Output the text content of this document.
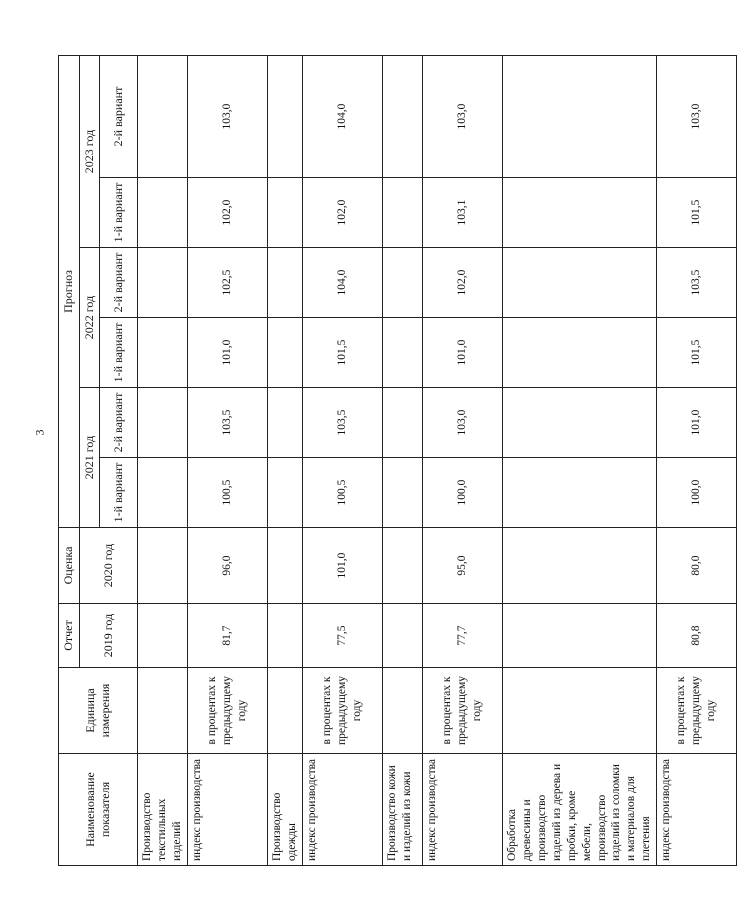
3
Наименование показателя	Единица измерения	Отчет	Оценка	Прогноз					
		2019 год	2020 год	2021 год		2022 год		2023 год	
				1-й вариант	2-й вариант	1-й вариант	2-й вариант	1-й вариант	2-й вариант
Производство текстильных изделий									
индекс производства	в процентах к предыдущему году	81,7	96,0	100,5	103,5	101,0	102,5	102,0	103,0
Производство одежды									
индекс производства	в процентах к предыдущему году	77,5	101,0	100,5	103,5	101,5	104,0	102,0	104,0
Производство кожи и изделий из кожи									
индекс производства	в процентах к предыдущему году	77,7	95,0	100,0	103,0	101,0	102,0	103,1	103,0
Обработка древесины и производство изделий из дерева и пробки, кроме мебели, производство изделий из соломки и материалов для плетения									
индекс производства	в процентах к предыдущему году	80,8	80,0	100,0	101,0	101,5	103,5	101,5	103,0
